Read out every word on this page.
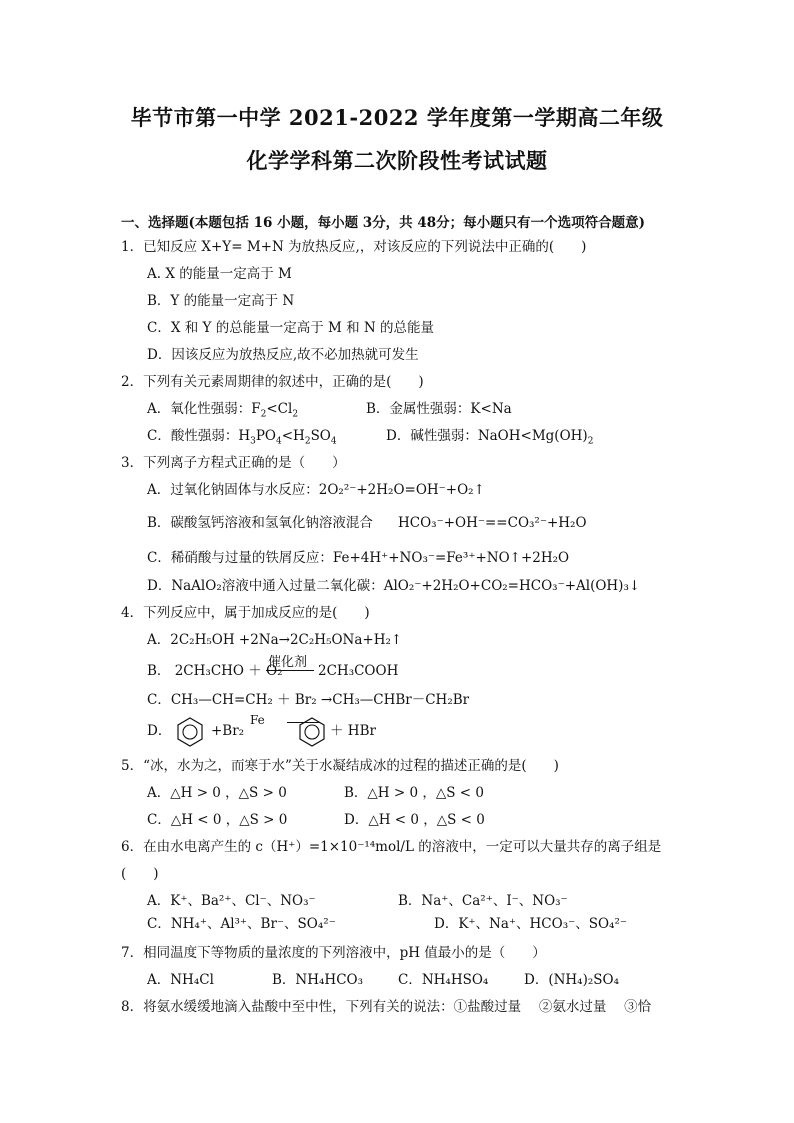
毕节市第一中学 2021-2022 学年度第一学期高二年级
化学学科第二次阶段性考试试题
一、选择题(本题包括 16 小题，每小题 3分，共 48分；每小题只有一个选项符合题意)
1．已知反应 X+Y= M+N 为放热反应,，对该反应的下列说法中正确的(　　)
A. X 的能量一定高于 M
B．Y 的能量一定高于 N
C．X 和 Y 的总能量一定高于 M 和 N 的总能量
D．因该反应为放热反应,故不必加热就可发生
2．下列有关元素周期律的叙述中，正确的是(　　)
A．氧化性强弱：$F_2<Cl_2$	B．金属性强弱：K<Na
C．酸性强弱：$H_3PO_4<H_2SO_4$	D．碱性强弱：$NaOH<Mg(OH)_2$
3．下列离子方程式正确的是（　　）
A．过氧化钠固体与水反应：2O₂²⁻+2H₂O=OH⁻+O₂↑
B．碳酸氢钙溶液和氢氧化钠溶液混合 HCO₃⁻+OH⁻==CO₃²⁻+H₂O
C．稀硝酸与过量的铁屑反应：Fe+4H⁺+NO₃⁻=Fe³⁺+NO↑+2H₂O
D．NaAlO₂溶液中通入过量二氧化碳：AlO₂⁻+2H₂O+CO₂=HCO₃⁻+Al(OH)₃↓
4．下列反应中，属于加成反应的是(　　)
A．2C₂H₅OH +2Na→2C₂H₅ONa+H₂↑
B． 2CH₃CHO ＋ O₂
催化剂
2CH₃COOH
C．CH₃—CH=CH₂ ＋ Br₂ →CH₃—CHBr－CH₂Br
D．	+Br₂
Fe
＋ HBr
5．“冰，水为之，而寒于水”关于水凝结成冰的过程的描述正确的是(　　)
A．△H > 0 ，△S > 0	B．△H > 0 ，△S < 0
C．△H < 0 ，△S > 0	D．△H < 0 ，△S < 0
6．在由水电离产生的 c（H⁺）=1×10⁻¹⁴mol/L 的溶液中，一定可以大量共存的离子组是
(　　)
A．K⁺、Ba²⁺、Cl⁻、NO₃⁻	B．Na⁺、Ca²⁺、I⁻、NO₃⁻
C．NH₄⁺、Al³⁺、Br⁻、SO₄²⁻	D．K⁺、Na⁺、HCO₃⁻、SO₄²⁻
7．相同温度下等物质的量浓度的下列溶液中，pH 值最小的是（　　）
A．NH₄Cl	B．NH₄HCO₃	C．NH₄HSO₄	D．(NH₄)₂SO₄
8．将氨水缓缓地滴入盐酸中至中性，下列有关的说法：①盐酸过量　 ②氨水过量　 ③恰
